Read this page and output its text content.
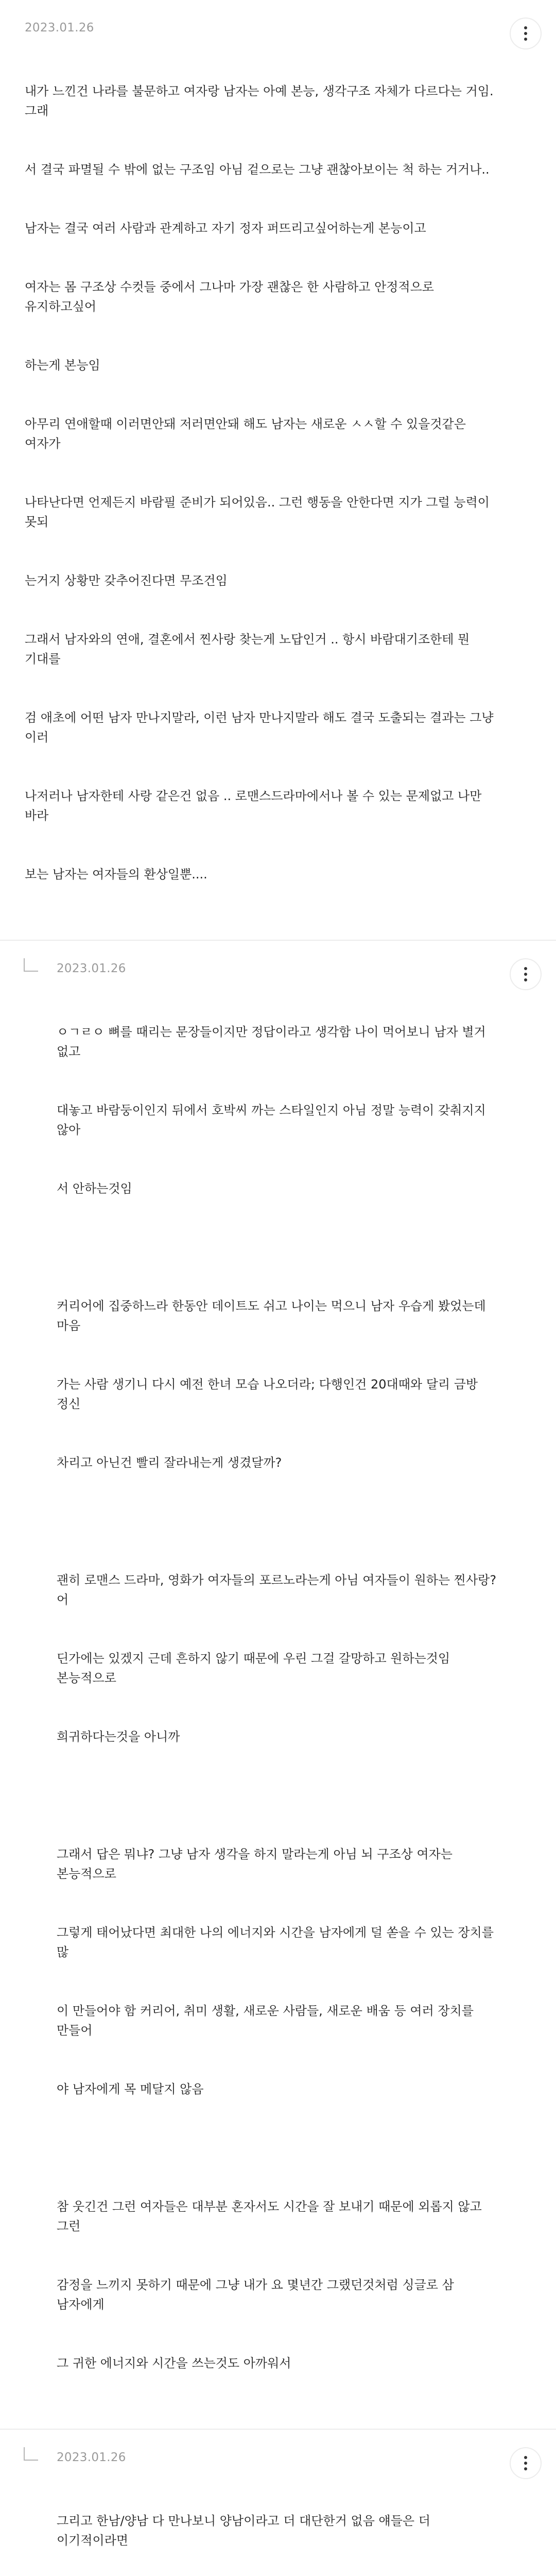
2023.01.26

내가 느낀건 나라를 불문하고 여자랑 남자는 아예 본능, 생각구조 자체가 다르다는 거임. 그래

서 결국 파멸될 수 밖에 없는 구조임 아님 겉으로는 그냥 괜찮아보이는 척 하는 거거나..

남자는 결국 여러 사람과 관계하고 자기 정자 퍼뜨리고싶어하는게 본능이고

여자는 몸 구조상 수컷들 중에서 그나마 가장 괜찮은 한 사람하고 안정적으로 유지하고싶어

하는게 본능임

아무리 연애할때 이러면안돼 저러면안돼 해도 남자는 새로운 ㅅㅅ할 수 있을것같은 여자가

나타난다면 언제든지 바람필 준비가 되어있음.. 그런 행동을 안한다면 지가 그럴 능력이 못되

는거지 상황만 갖추어진다면 무조건임

그래서 남자와의 연애, 결혼에서 찐사랑 찾는게 노답인거 .. 항시 바람대기조한테 뭔 기대를

검 애초에 어떤 남자 만나지말라, 이런 남자 만나지말라 해도 결국 도출되는 결과는 그냥 이러

나저러나 남자한테 사랑 같은건 없음 .. 로맨스드라마에서나 볼 수 있는 문제없고 나만 바라

보는 남자는 여자들의 환상일뿐....

2023.01.26

ㅇㄱㄹㅇ 뼈를 때리는 문장들이지만 정답이라고 생각함 나이 먹어보니 남자 별거 없고

대놓고 바람둥이인지 뒤에서 호박씨 까는 스타일인지 아님 정말 능력이 갖춰지지 않아

서 안하는것임

커리어에 집중하느라 한동안 데이트도 쉬고 나이는 먹으니 남자 우습게 봤었는데 마음

가는 사람 생기니 다시 예전 한녀 모습 나오더라; 다행인건 20대때와 달리 금방 정신

차리고 아닌건 빨리 잘라내는게 생겼달까?

괜히 로맨스 드라마, 영화가 여자들의 포르노라는게 아님 여자들이 원하는 찐사랑? 어

딘가에는 있겠지 근데 흔하지 않기 때문에 우린 그걸 갈망하고 원하는것임 본능적으로

희귀하다는것을 아니까

그래서 답은 뭐냐? 그냥 남자 생각을 하지 말라는게 아님 뇌 구조상 여자는 본능적으로

그렇게 태어났다면 최대한 나의 에너지와 시간을 남자에게 덜 쏟을 수 있는 장치를 많

이 만들어야 함 커리어, 취미 생활, 새로운 사람들, 새로운 배움 등 여러 장치를 만들어

야 남자에게 목 메달지 않음

참 웃긴건 그런 여자들은 대부분 혼자서도 시간을 잘 보내기 때문에 외롭지 않고 그런

감정을 느끼지 못하기 때문에 그냥 내가 요 몇년간 그랬던것처럼 싱글로 삼 남자에게

그 귀한 에너지와 시간을 쓰는것도 아까워서

2023.01.26

그리고 한남/양남 다 만나보니 양남이라고 더 대단한거 없음 얘들은 더 이기적이라면
